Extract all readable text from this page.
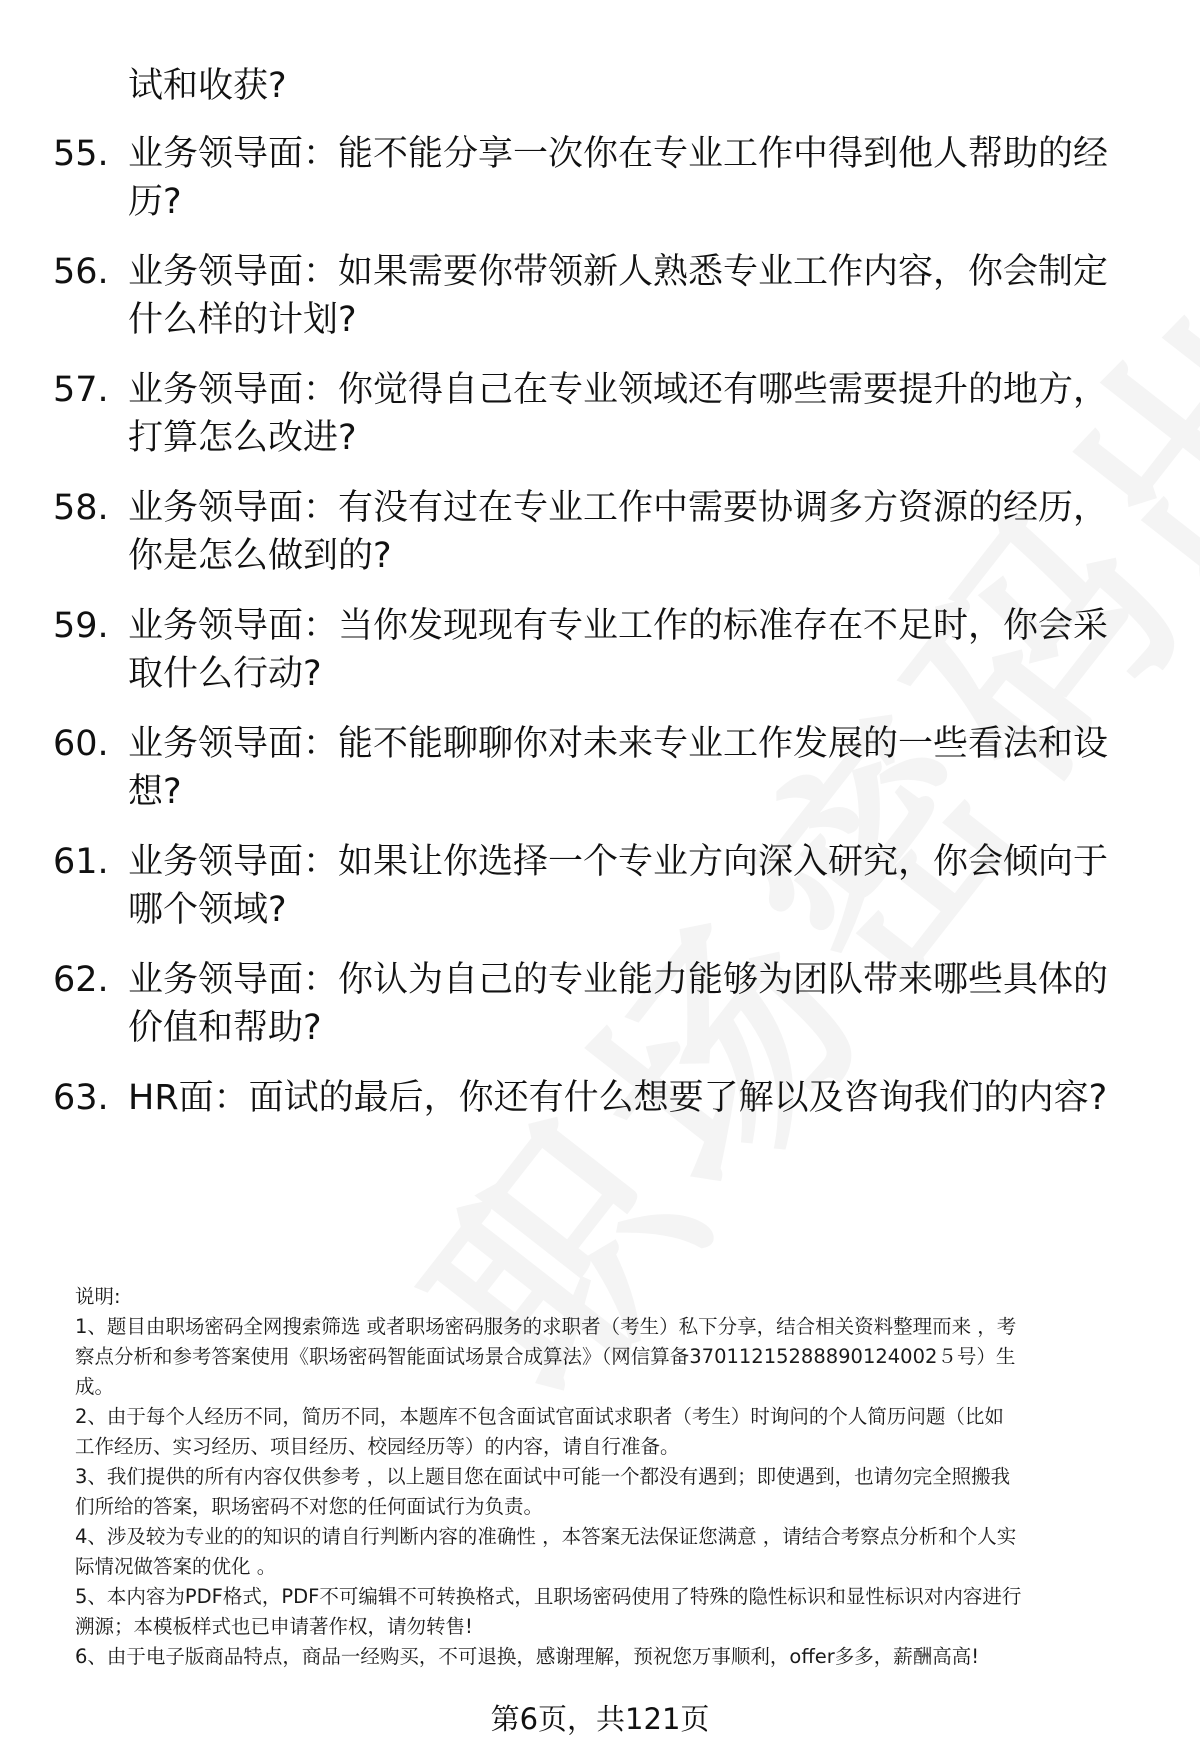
试和收获?
55. 业务领导面：能不能分享一次你在专业工作中得到他人帮助的经
历?
56. 业务领导面：如果需要你带领新人熟悉专业工作内容，你会制定
什么样的计划?
57. 业务领导面：你觉得自己在专业领域还有哪些需要提升的地方，
打算怎么改进?
58. 业务领导面：有没有过在专业工作中需要协调多方资源的经历，
你是怎么做到的?
59. 业务领导面：当你发现现有专业工作的标准存在不足时，你会采
取什么行动?
60. 业务领导面：能不能聊聊你对未来专业工作发展的一些看法和设
想?
61. 业务领导面：如果让你选择一个专业方向深入研究，你会倾向于
哪个领域?
62. 业务领导面：你认为自己的专业能力能够为团队带来哪些具体的
价值和帮助?
63. HR面：面试的最后，你还有什么想要了解以及咨询我们的内容?
说明:
1、题目由职场密码全网搜索筛选 或者职场密码服务的求职者（考生）私下分享，结合相关资料整理而来 ，考
察点分析和参考答案使用《职场密码智能面试场景合成算法》（网信算备37011215288890124002５号）生
成。
2、由于每个人经历不同，简历不同，本题库不包含面试官面试求职者（考生）时询问的个人简历问题（比如
工作经历、实习经历、项目经历、校园经历等）的内容，请自行准备。
3、我们提供的所有内容仅供参考 ，以上题目您在面试中可能一个都没有遇到；即使遇到，也请勿完全照搬我
们所给的答案，职场密码不对您的任何面试行为负责。
4、涉及较为专业的的知识的请自行判断内容的准确性 ，本答案无法保证您满意 ，请结合考察点分析和个人实
际情况做答案的优化 。
5、本内容为PDF格式，PDF不可编辑不可转换格式，且职场密码使用了特殊的隐性标识和显性标识对内容进行
溯源；本模板样式也已申请著作权，请勿转售!
6、由于电子版商品特点，商品一经购买，不可退换，感谢理解，预祝您万事顺利，offer多多，薪酬高高!
第6页，共121页
